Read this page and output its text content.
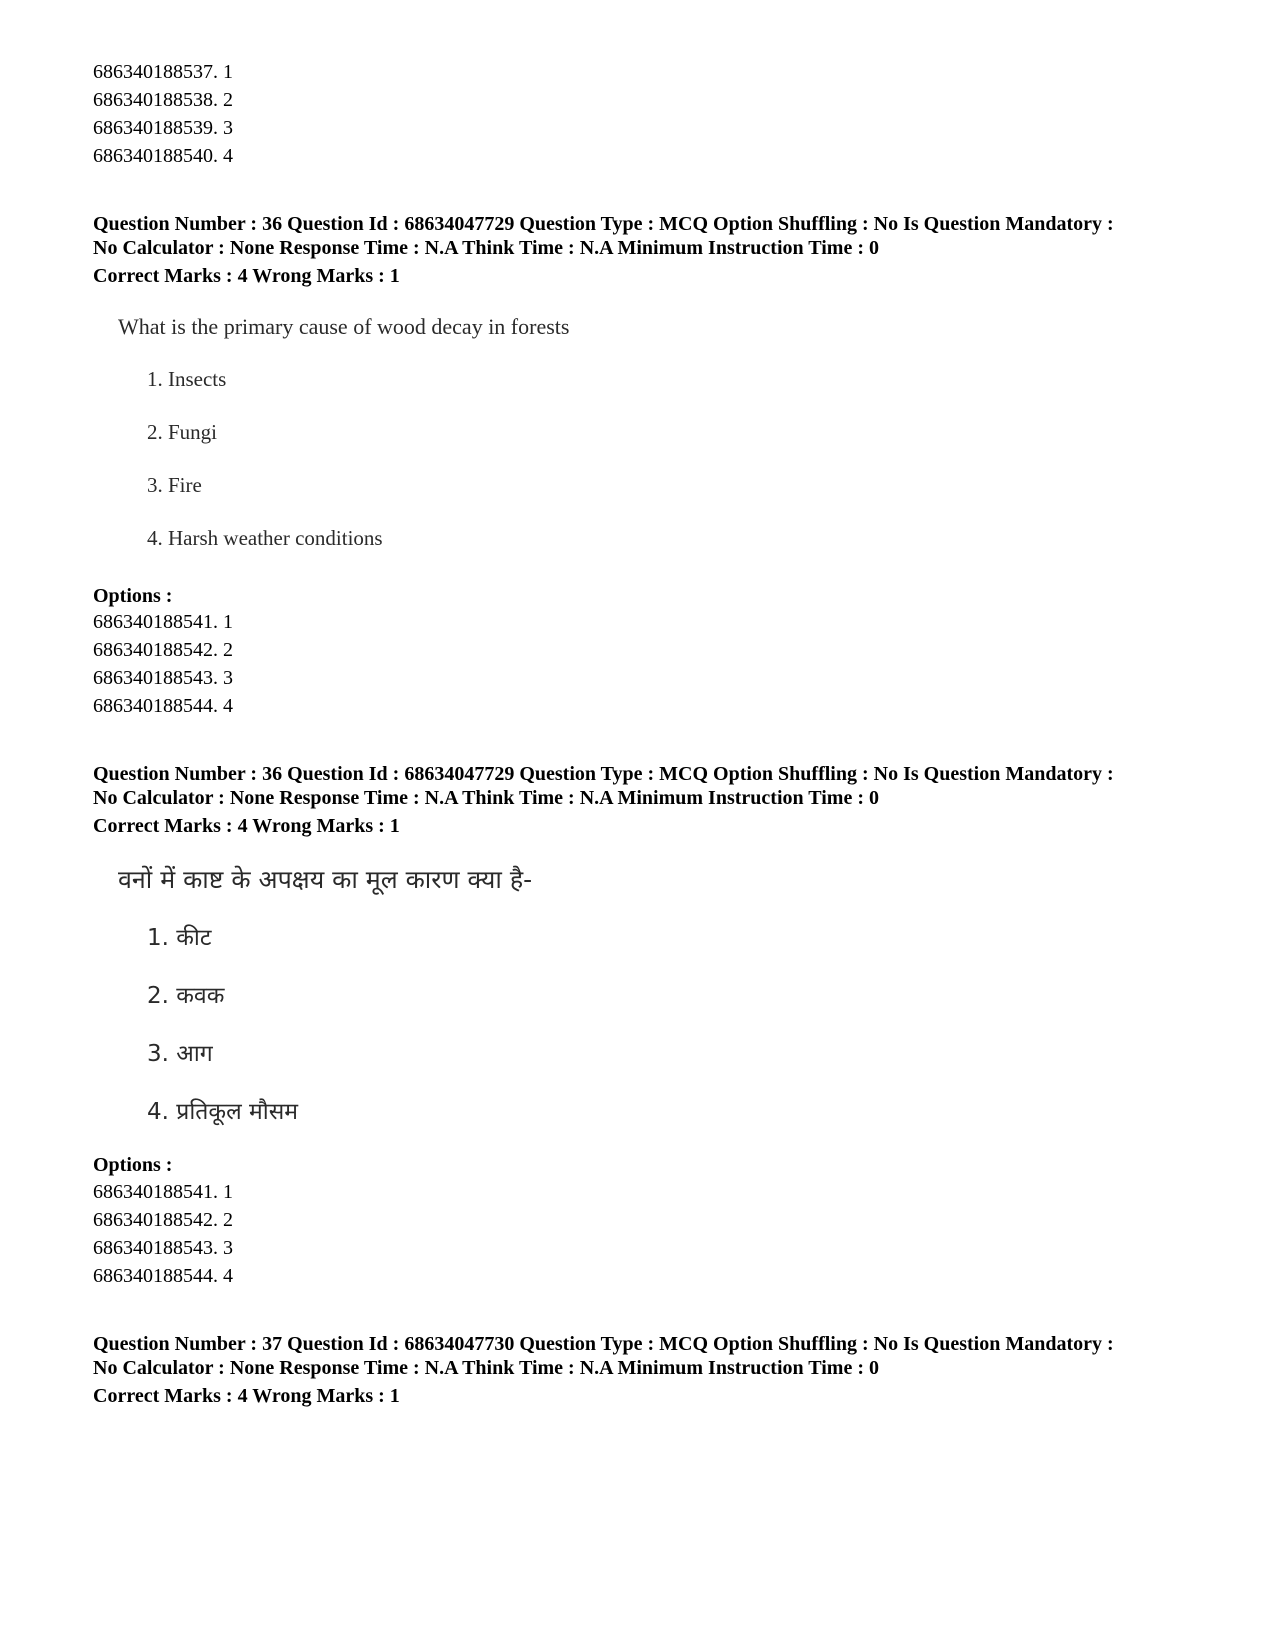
686340188537. 1
686340188538. 2
686340188539. 3
686340188540. 4
Question Number : 36 Question Id : 68634047729 Question Type : MCQ Option Shuffling : No Is Question Mandatory :
No Calculator : None Response Time : N.A Think Time : N.A Minimum Instruction Time : 0
Correct Marks : 4 Wrong Marks : 1
What is the primary cause of wood decay in forests
1. Insects
2. Fungi
3. Fire
4. Harsh weather conditions
Options :
686340188541. 1
686340188542. 2
686340188543. 3
686340188544. 4
Question Number : 36 Question Id : 68634047729 Question Type : MCQ Option Shuffling : No Is Question Mandatory :
No Calculator : None Response Time : N.A Think Time : N.A Minimum Instruction Time : 0
Correct Marks : 4 Wrong Marks : 1
वनों में काष्ट के अपक्षय का मूल कारण क्या है-
1. कीट
2. कवक
3. आग
4. प्रतिकूल मौसम
Options :
686340188541. 1
686340188542. 2
686340188543. 3
686340188544. 4
Question Number : 37 Question Id : 68634047730 Question Type : MCQ Option Shuffling : No Is Question Mandatory :
No Calculator : None Response Time : N.A Think Time : N.A Minimum Instruction Time : 0
Correct Marks : 4 Wrong Marks : 1
